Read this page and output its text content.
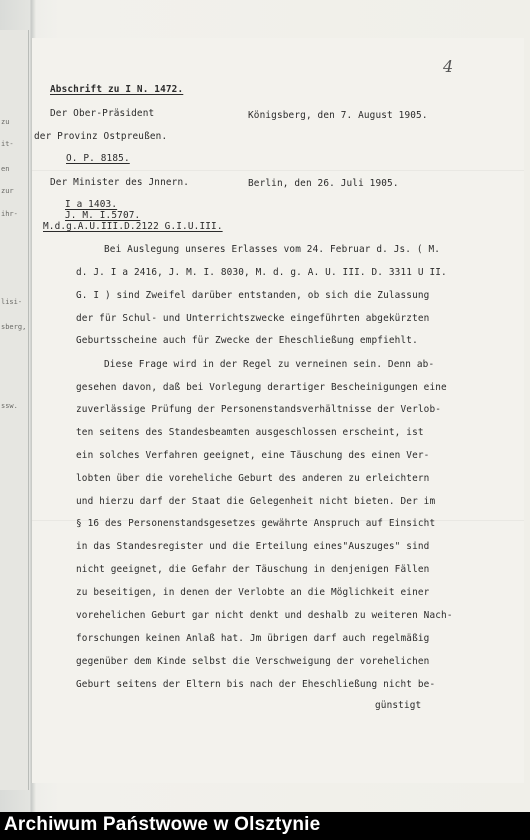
zu
it-
en
zur
ihr-
lisi-
sberg,
ssw.
4
Abschrift zu I N. 1472.
Der Ober-Präsident	Königsberg, den 7. August 1905.
der Provinz Ostpreußen.
O. P. 8185.
Der Minister des Jnnern.	Berlin, den 26. Juli 1905.
I a 1403.
J. M. I.5707.
M.d.g.A.U.III.D.2122 G.I.U.III.
Bei Auslegung unseres Erlasses vom 24. Februar d. Js. ( M.
d. J. I a 2416, J. M. I. 8030, M. d. g. A. U. III. D. 3311 U II.
G. I ) sind Zweifel darüber entstanden, ob sich die Zulassung
der für Schul- und Unterrichtszwecke eingeführten abgekürzten
Geburtsscheine auch für Zwecke der Eheschließung empfiehlt.
Diese Frage wird in der Regel zu verneinen sein. Denn ab-
gesehen davon, daß bei Vorlegung derartiger Bescheinigungen eine
zuverlässige Prüfung der Personenstandsverhältnisse der Verlob-
ten seitens des Standesbeamten ausgeschlossen erscheint, ist
ein solches Verfahren geeignet, eine Täuschung des einen Ver-
lobten über die voreheliche Geburt des anderen zu erleichtern
und hierzu darf der Staat die Gelegenheit nicht bieten. Der im
§ 16 des Personenstandsgesetzes gewährte Anspruch auf Einsicht
in das Standesregister und die Erteilung eines"Auszuges" sind
nicht geeignet, die Gefahr der Täuschung in denjenigen Fällen
zu beseitigen, in denen der Verlobte an die Möglichkeit einer
vorehelichen Geburt gar nicht denkt und deshalb zu weiteren Nach-
forschungen keinen Anlaß hat. Jm übrigen darf auch regelmäßig
gegenüber dem Kinde selbst die Verschweigung der vorehelichen
Geburt seitens der Eltern bis nach der Eheschließung nicht be-
günstigt
Archiwum Państwowe w Olsztynie
